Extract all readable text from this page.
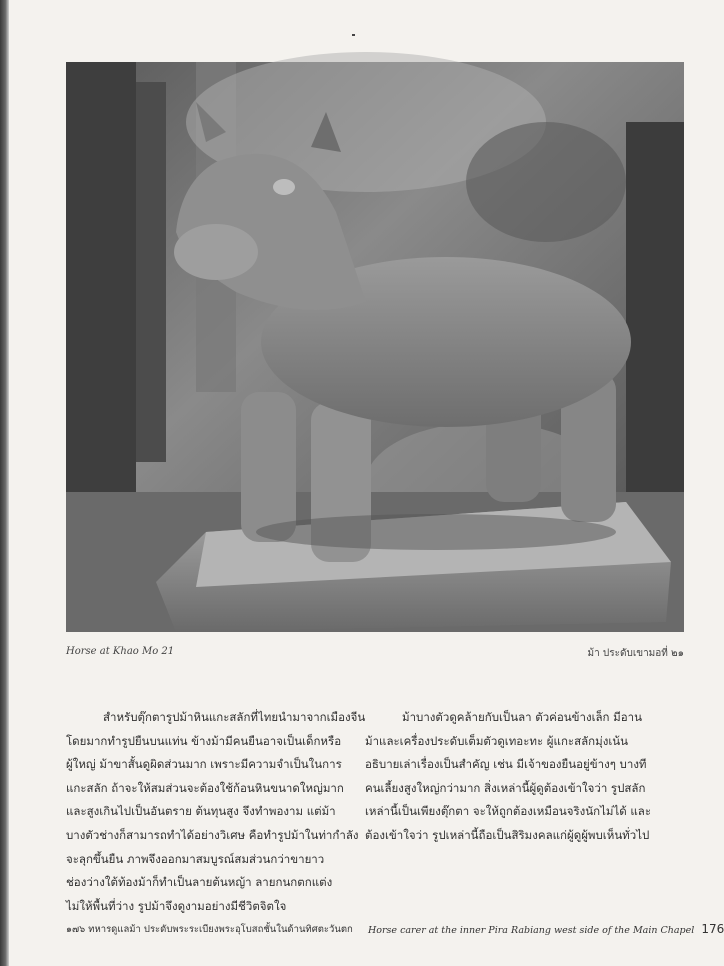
Horse at Khao Mo 21	ม้า ประดับเขามอที่ ๒๑

สำหรับตุ๊กตารูปม้าหินแกะสลักที่ไทยนำมาจากเมืองจีน

โดยมากทำรูปยืนบนแท่น ข้างม้ามีคนยืนอาจเป็นเด็กหรือ

ผู้ใหญ่ ม้าขาสั้นดูผิดส่วนมาก เพราะมีความจำเป็นในการ

แกะสลัก ถ้าจะให้สมส่วนจะต้องใช้ก้อนหินขนาดใหญ่มาก

และสูงเกินไปเป็นอันตราย ต้นทุนสูง จึงทำพองาม แต่ม้า

บางตัวช่างก็สามารถทำได้อย่างวิเศษ คือทำรูปม้าในท่ากำลัง

จะลุกขึ้นยืน ภาพจึงออกมาสมบูรณ์สมส่วนกว่าขายาว

ช่องว่างใต้ท้องม้าก็ทำเป็นลายต้นหญ้า ลายกนกตกแต่ง

ไม่ให้พื้นที่ว่าง รูปม้าจึงดูงามอย่างมีชีวิตจิตใจ

ม้าบางตัวดูคล้ายกับเป็นลา ตัวค่อนข้างเล็ก มีอาน

ม้าและเครื่องประดับเต็มตัวดูเทอะทะ ผู้แกะสลักมุ่งเน้น

อธิบายเล่าเรื่องเป็นสำคัญ เช่น มีเจ้าของยืนอยู่ข้างๆ บางที

คนเลี้ยงสูงใหญ่กว่ามาก สิ่งเหล่านี้ผู้ดูต้องเข้าใจว่า รูปสลัก

เหล่านี้เป็นเพียงตุ๊กตา จะให้ถูกต้องเหมือนจริงนักไม่ได้ และ

ต้องเข้าใจว่า รูปเหล่านี้ถือเป็นสิริมงคลแก่ผู้ดูผู้พบเห็นทั่วไป

๑๗๖ ทหารดูแลม้า ประดับพระระเบียงพระอุโบสถชั้นในด้านทิศตะวันตก Horse carer at the inner Pira Rabiang west side of the Main Chapel 176
